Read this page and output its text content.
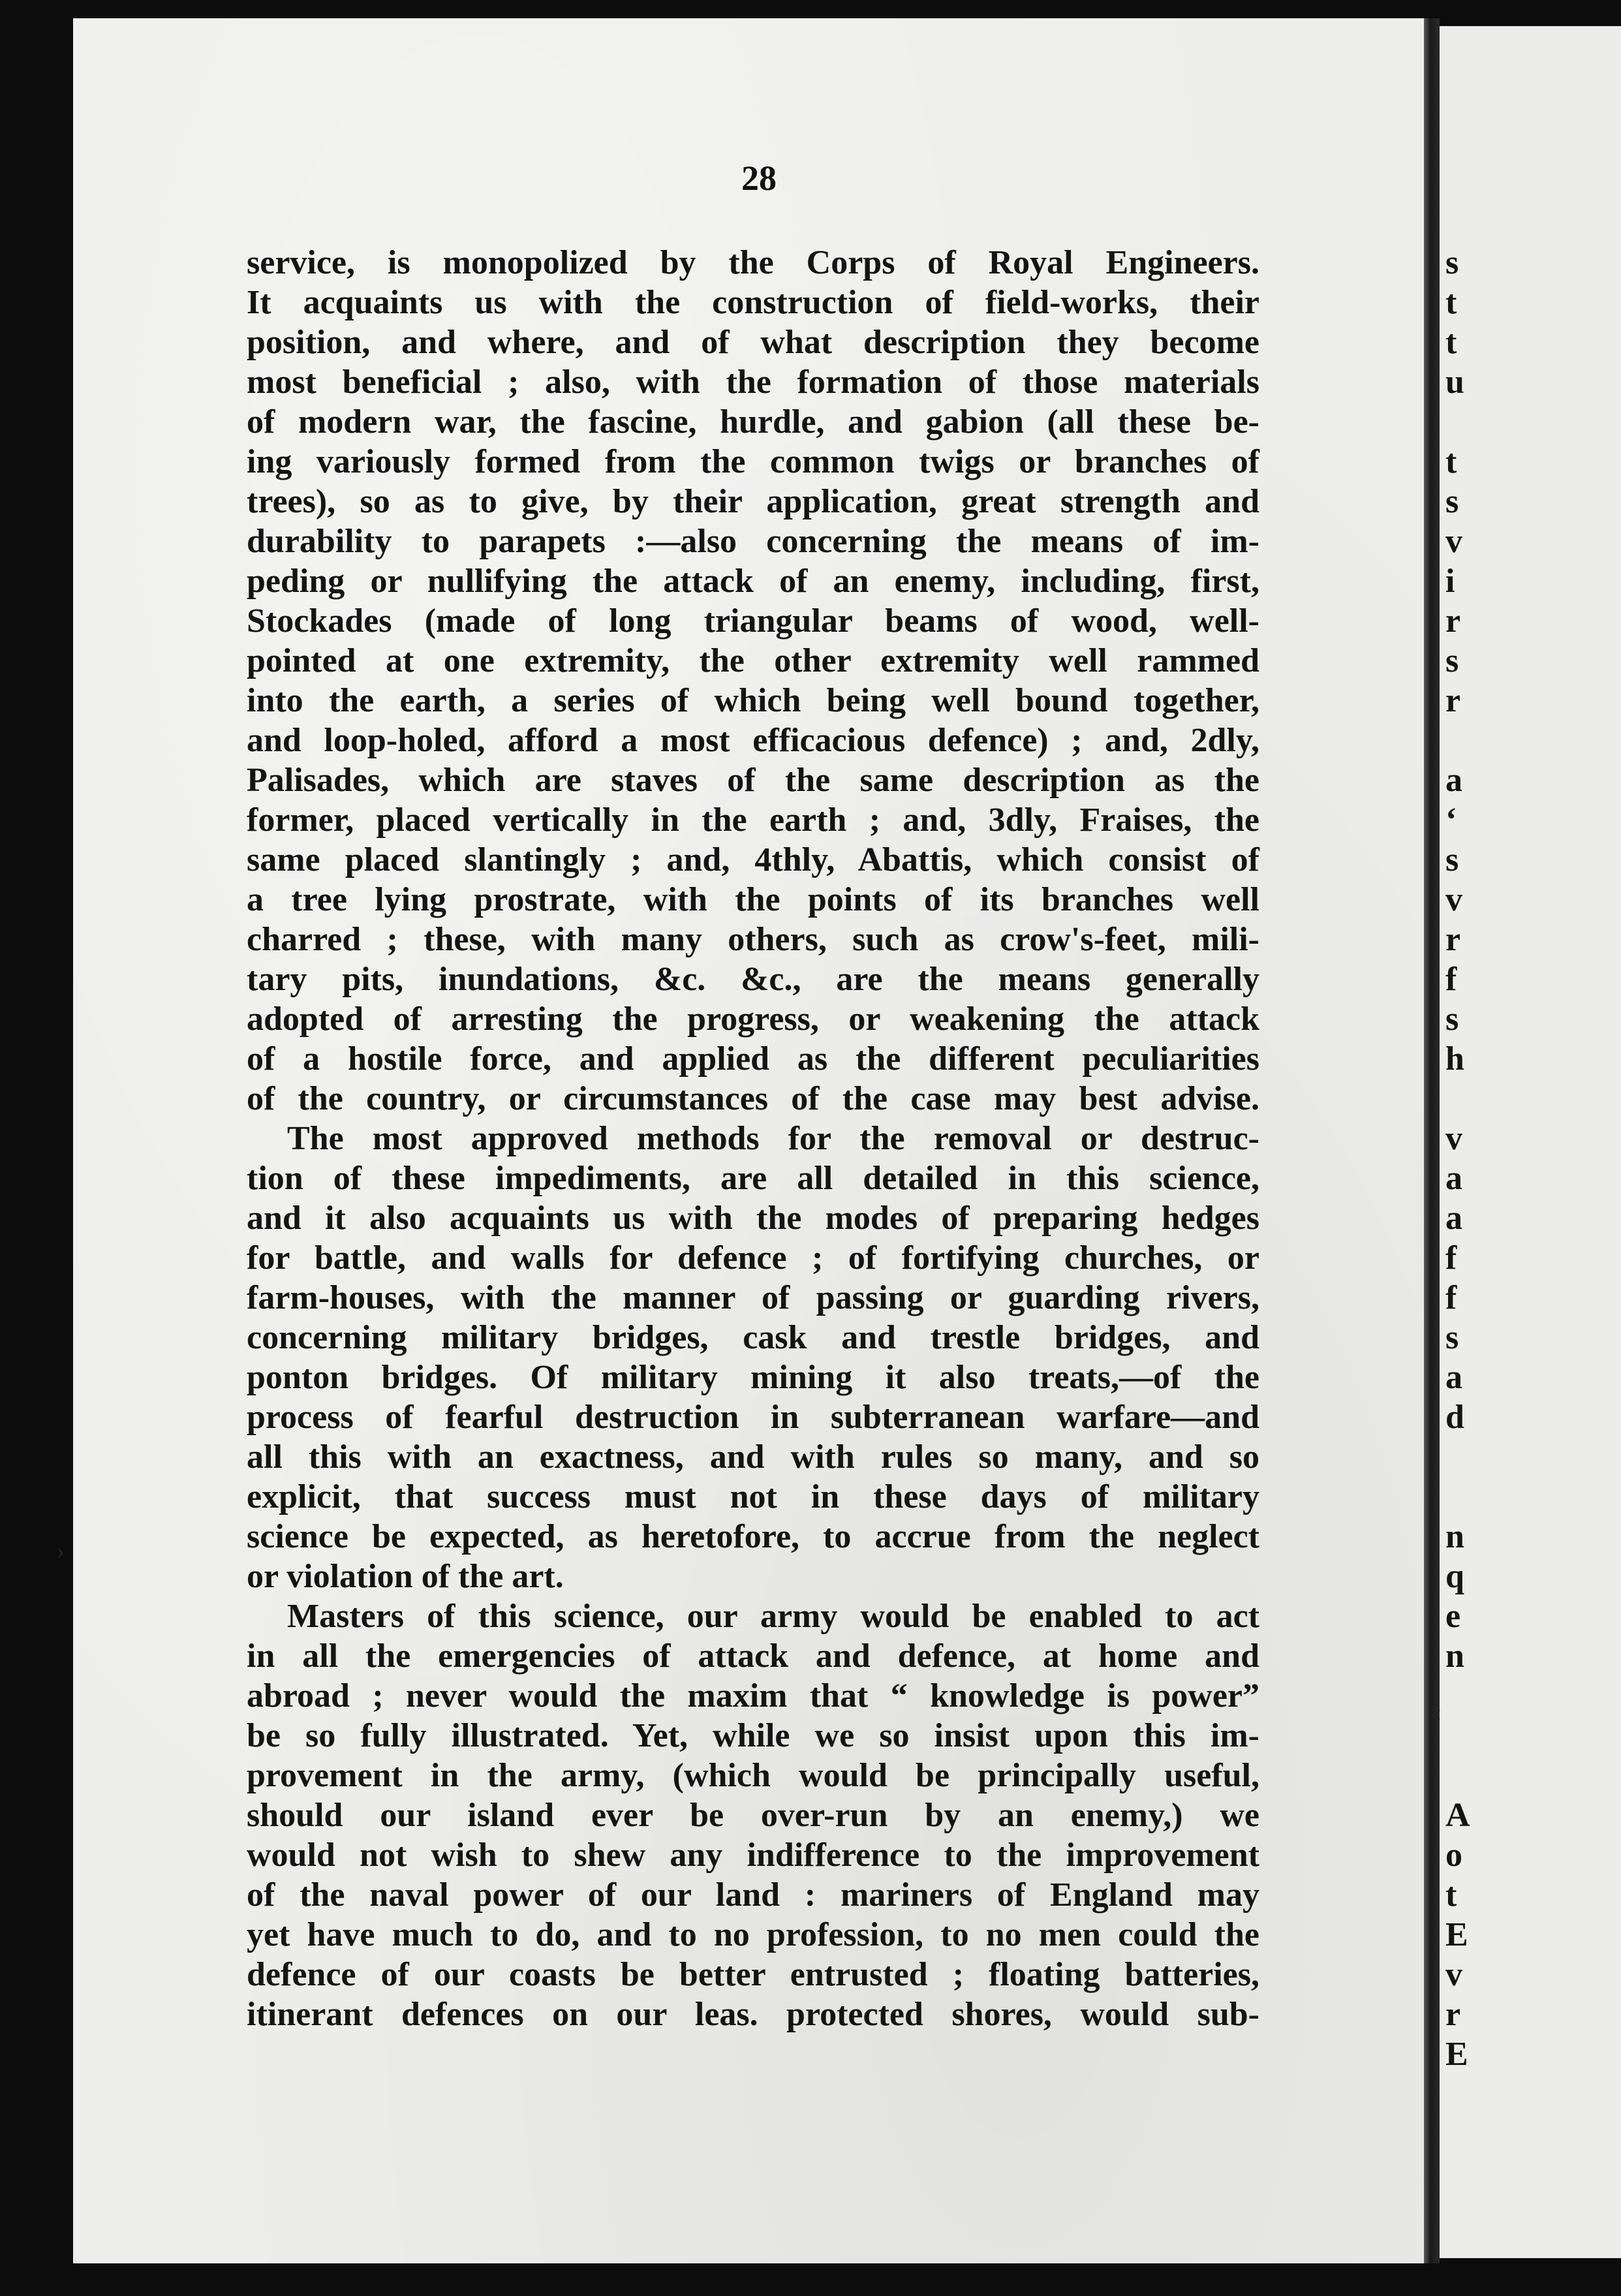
28
service, is monopolized by the Corps of Royal Engineers.
It acquaints us with the construction of field-works, their
position, and where, and of what description they become
most beneficial ; also, with the formation of those materials
of modern war, the fascine, hurdle, and gabion (all these be-
ing variously formed from the common twigs or branches of
trees), so as to give, by their application, great strength and
durability to parapets :—also concerning the means of im-
peding or nullifying the attack of an enemy, including, first,
Stockades (made of long triangular beams of wood, well-
pointed at one extremity, the other extremity well rammed
into the earth, a series of which being well bound together,
and loop-holed, afford a most efficacious defence) ; and, 2dly,
Palisades, which are staves of the same description as the
former, placed vertically in the earth ; and, 3dly, Fraises, the
same placed slantingly ; and, 4thly, Abattis, which consist of
a tree lying prostrate, with the points of its branches well
charred ; these, with many others, such as crow's-feet, mili-
tary pits, inundations, &c. &c., are the means generally
adopted of arresting the progress, or weakening the attack
of a hostile force, and applied as the different peculiarities
of the country, or circumstances of the case may best advise.
The most approved methods for the removal or destruc-
tion of these impediments, are all detailed in this science,
and it also acquaints us with the modes of preparing hedges
for battle, and walls for defence ; of fortifying churches, or
farm-houses, with the manner of passing or guarding rivers,
concerning military bridges, cask and trestle bridges, and
ponton bridges. Of military mining it also treats,—of the
process of fearful destruction in subterranean warfare—and
all this with an exactness, and with rules so many, and so
explicit, that success must not in these days of military
science be expected, as heretofore, to accrue from the neglect
or violation of the art.
Masters of this science, our army would be enabled to act
in all the emergencies of attack and defence, at home and
abroad ; never would the maxim that “ knowledge is power”
be so fully illustrated. Yet, while we so insist upon this im-
provement in the army, (which would be principally useful,
should our island ever be over-run by an enemy,) we
would not wish to shew any indifference to the improvement
of the naval power of our land : mariners of England may
yet have much to do, and to no profession, to no men could the
defence of our coasts be better entrusted ; floating batteries,
itinerant defences on our leas. protected shores, would sub-
s
t
t
u
t
s
v
i
r
s
r
a
‘
s
v
r
f
s
h
v
a
a
f
f
s
a
d
n
q
e
n
A
o
t
E
v
r
E
›
‹
